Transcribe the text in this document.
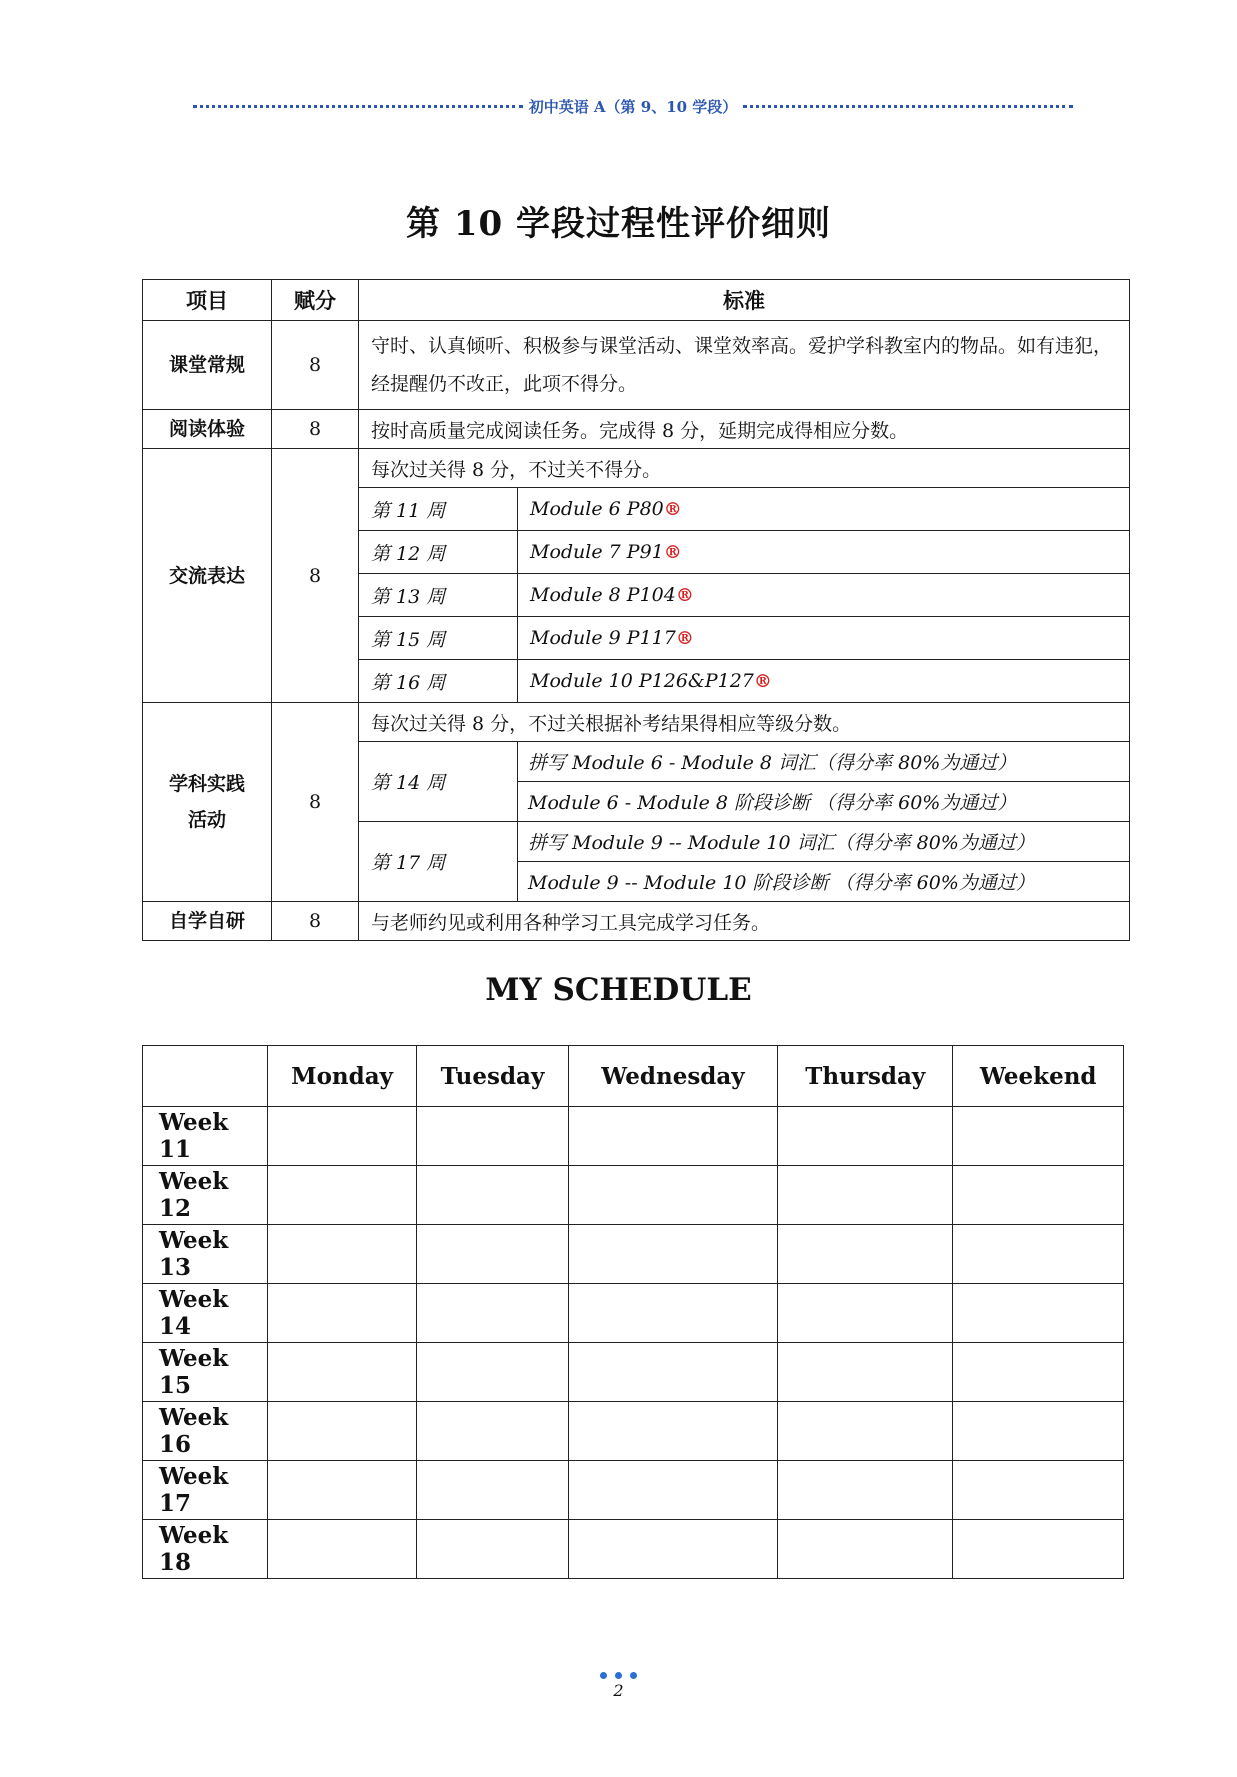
初中英语 A（第 9、10 学段）
第 10 学段过程性评价细则
项目	赋分	标准	
课堂常规	8	守时、认真倾听、积极参与课堂活动、课堂效率高。爱护学科教室内的物品。如有违犯，经提醒仍不改正，此项不得分。	
阅读体验	8	按时高质量完成阅读任务。完成得 8 分，延期完成得相应分数。	
交流表达	8	每次过关得 8 分，不过关不得分。	
		第 11 周	Module 6 P80®
		第 12 周	Module 7 P91®
		第 13 周	Module 8 P104®
		第 15 周	Module 9 P117®
		第 16 周	Module 10 P126&P127®
学科实践
活动	8	每次过关得 8 分，不过关根据补考结果得相应等级分数。	
		第 14 周	拼写 Module 6 - Module 8 词汇（得分率 80%为通过）
			Module 6 - Module 8 阶段诊断 （得分率 60%为通过）
		第 17 周	拼写 Module 9 -- Module 10 词汇（得分率 80%为通过）
			Module 9 -- Module 10 阶段诊断 （得分率 60%为通过）
自学自研	8	与老师约见或利用各种学习工具完成学习任务。	
MY SCHEDULE
	Monday	Tuesday	Wednesday	Thursday	Weekend
Week 11					
Week 12					
Week 13					
Week 14					
Week 15					
Week 16					
Week 17					
Week 18					
2
